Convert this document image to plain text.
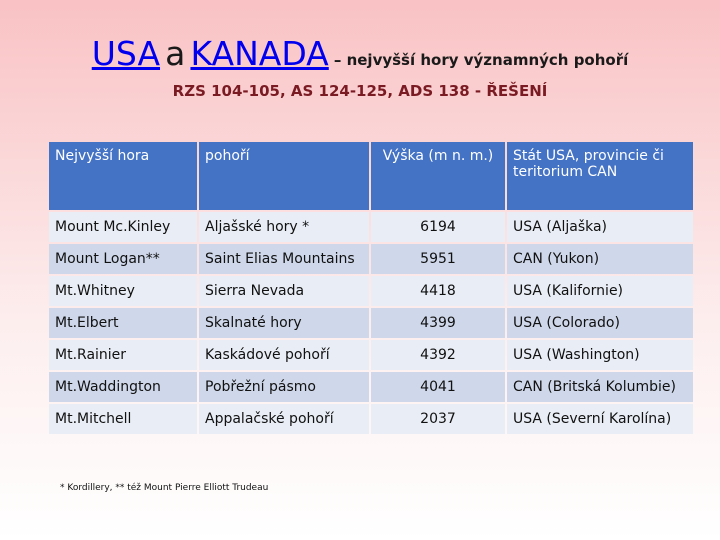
USA a KANADA – nejvyšší hory významných pohoří
RZS 104-105, AS 124-125, ADS 138 - ŘEŠENÍ
Nejvyšší hora	pohoří	Výška (m n. m.)	Stát USA, provincie či teritorium CAN
Mount Mc.Kinley	Aljašské hory *	6194	USA (Aljaška)
Mount Logan**	Saint Elias Mountains	5951	CAN (Yukon)
Mt.Whitney	Sierra Nevada	4418	USA (Kalifornie)
Mt.Elbert	Skalnaté hory	4399	USA (Colorado)
Mt.Rainier	Kaskádové pohoří	4392	USA (Washington)
Mt.Waddington	Pobřežní pásmo	4041	CAN (Britská Kolumbie)
Mt.Mitchell	Appalačské pohoří	2037	USA (Severní Karolína)
* Kordillery, ** též Mount Pierre Elliott Trudeau
